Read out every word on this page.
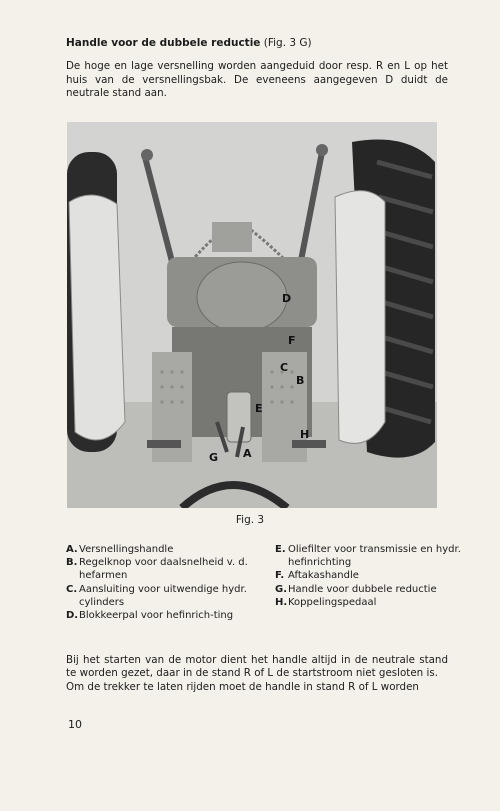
Handle voor de dubbele reductie (Fig. 3 G)
De hoge en lage versnelling worden aangeduid door resp. R en L op het huis van de versnellingsbak. De eveneens aangegeven D duidt de neutrale stand aan.
D
F
C
B
E
H
G A
Fig. 3
A. Versnellingshandle
B. Regelknop voor daalsnelheid v. d. hefarmen
C. Aansluiting voor uitwendige hydr. cylinders
D. Blokkeerpal voor hefinrich-ting
E. Oliefilter voor transmissie en hydr. hefinrichting
F. Aftakashandle
G. Handle voor dubbele reductie
H. Koppelingspedaal

Bij het starten van de motor dient het handle altijd in de neutrale stand te worden gezet, daar in de stand R of L de startstroom niet gesloten is.

Om de trekker te laten rijden moet de handle in stand R of L worden

10
